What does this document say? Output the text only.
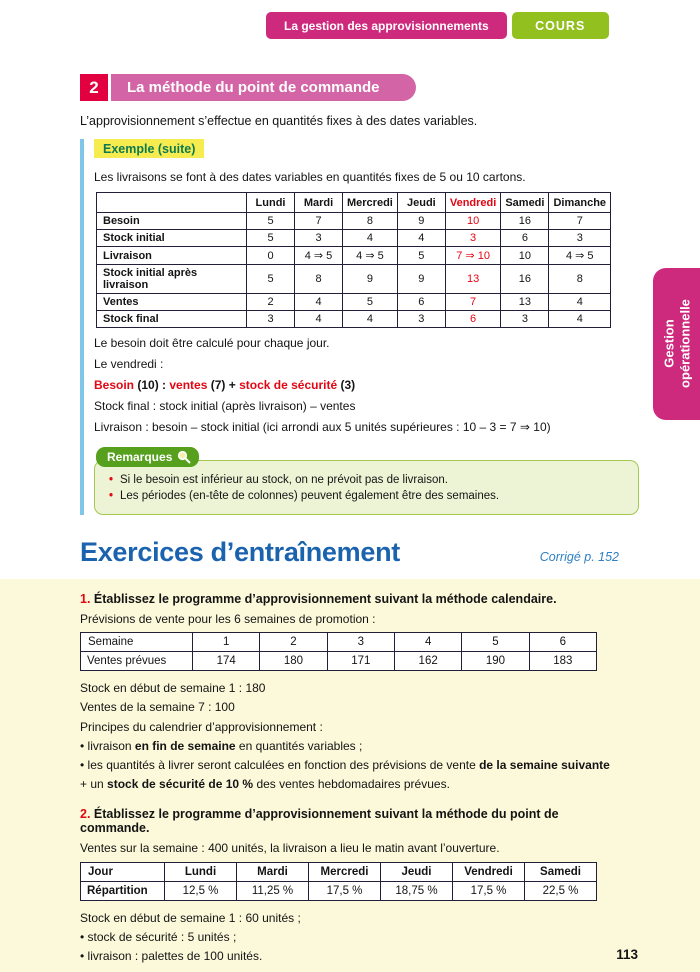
La gestion des approvisionnements	COURS
Gestion opérationnelle
2	La méthode du point de commande

L’approvisionnement s’effectue en quantités fixes à des dates variables.

Exemple (suite)

Les livraisons se font à des dates variables en quantités fixes de 5 ou 10 cartons.

	Lundi	Mardi	Mercredi	Jeudi	Vendredi	Samedi	Dimanche
Besoin	5	7	8	9	10	16	7
Stock initial	5	3	4	4	3	6	3
Livraison	0	4 ⇒ 5	4 ⇒ 5	5	7 ⇒ 10	10	4 ⇒ 5
Stock initial après livraison	5	8	9	9	13	16	8
Ventes	2	4	5	6	7	13	4
Stock final	3	4	4	3	6	3	4

Le besoin doit être calculé pour chaque jour.

Le vendredi :

Besoin (10) : ventes (7) + stock de sécurité (3)

Stock final : stock initial (après livraison) – ventes

Livraison : besoin – stock initial (ici arrondi aux 5 unités supérieures : 10 – 3 = 7 ⇒ 10)

Remarques
• Si le besoin est inférieur au stock, on ne prévoit pas de livraison.
• Les périodes (en-tête de colonnes) peuvent également être des semaines.
Exercices d’entraînement	Corrigé p. 152

1. Établissez le programme d’approvisionnement suivant la méthode calendaire.

Prévisions de vente pour les 6 semaines de promotion :

Semaine	1	2	3	4	5	6
Ventes prévues	174	180	171	162	190	183

Stock en début de semaine 1 : 180

Ventes de la semaine 7 : 100

Principes du calendrier d’approvisionnement :

• livraison en fin de semaine en quantités variables ;

• les quantités à livrer seront calculées en fonction des prévisions de vente de la semaine suivante

+ un stock de sécurité de 10 % des ventes hebdomadaires prévues.

2. Établissez le programme d’approvisionnement suivant la méthode du point de commande.

Ventes sur la semaine : 400 unités, la livraison a lieu le matin avant l’ouverture.

Jour	Lundi	Mardi	Mercredi	Jeudi	Vendredi	Samedi
Répartition	12,5 %	11,25 %	17,5 %	18,75 %	17,5 %	22,5 %

Stock en début de semaine 1 : 60 unités ;

• stock de sécurité : 5 unités ;

• livraison : palettes de 100 unités.	113
